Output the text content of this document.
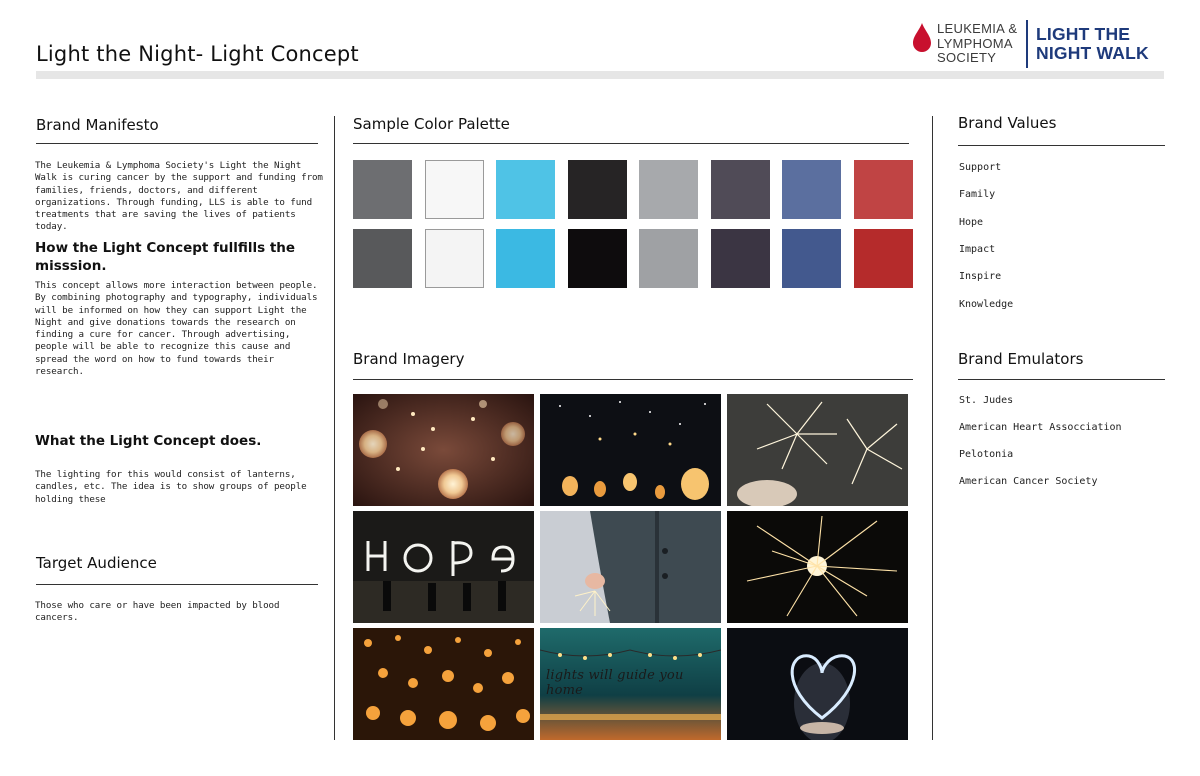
Light the Night- Light Concept
LEUKEMIA &
LYMPHOMA
SOCIETY
LIGHT THE
NIGHT WALK
Brand Manifesto
The Leukemia & Lymphoma Society's Light the Night Walk is curing cancer by the support and funding from families, friends, doctors, and different organizations. Through funding, LLS is able to fund treatments that are saving the lives of patients today.
How the Light Concept fullfills the misssion.
This concept allows more interaction between people. By combining photography and typography, individuals will be informed on how they can support Light the Night and give donations towards the research on finding a cure for cancer. Through advertising, people will be able to recognize this cause and spread the word on how to fund towards their research.
What the Light Concept does.
The lighting for this would consist of lanterns, candles, etc. The idea is to show groups of people holding these
Target Audience
Those who care or have been impacted by blood cancers.
Sample Color Palette
Brand Imagery
lights will guide you home
Brand Values
Support
Family
Hope
Impact
Inspire
Knowledge
Brand Emulators
St. Judes
American Heart Assocciation
Pelotonia
American Cancer Society
